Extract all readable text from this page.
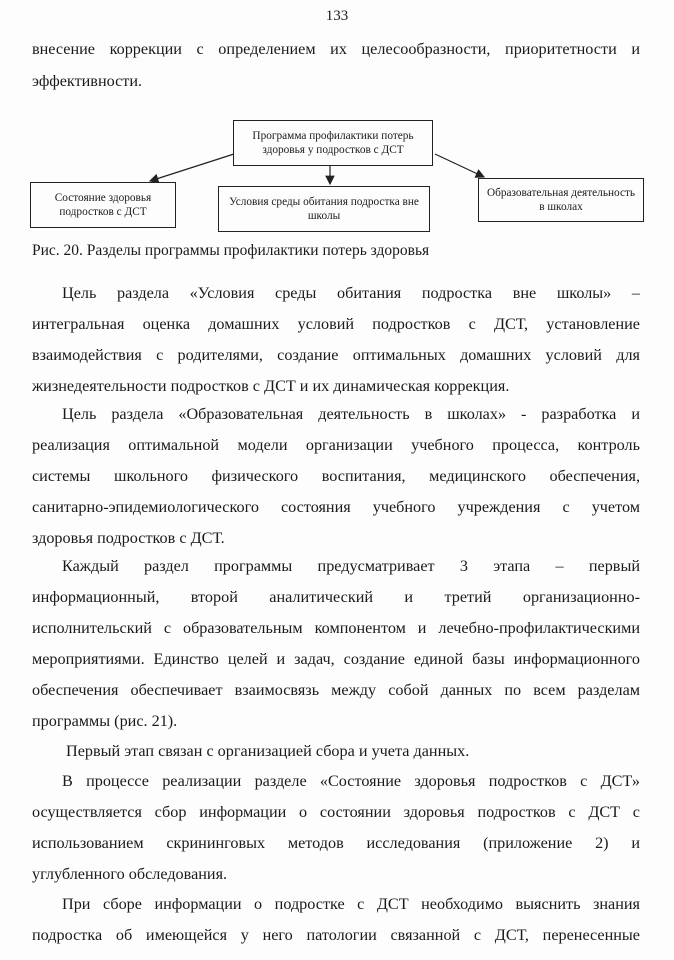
133
внесение коррекции с определением их целесообразности, приоритетности и
эффективности.
Программа профилактики потерь здоровья у подростков с ДСТ
Состояние здоровья подростков с ДСТ
Условия среды обитания подростка вне школы
Образовательная деятельность в школах
Рис. 20. Разделы программы профилактики потерь здоровья
Цель раздела «Условия среды обитания подростка вне школы» –
интегральная оценка домашних условий подростков с ДСТ, установление
взаимодействия с родителями, создание оптимальных домашних условий для
жизнедеятельности подростков с ДСТ и их динамическая коррекция.
Цель раздела «Образовательная деятельность в школах» - разработка и
реализация оптимальной модели организации учебного процесса, контроль
системы школьного физического воспитания, медицинского обеспечения,
санитарно-эпидемиологического состояния учебного учреждения с учетом
здоровья подростков с ДСТ.
Каждый раздел программы предусматривает 3 этапа – первый
информационный, второй аналитический и третий организационно-
исполнительский с образовательным компонентом и лечебно-профилактическими
мероприятиями. Единство целей и задач, создание единой базы информационного
обеспечения обеспечивает взаимосвязь между собой данных по всем разделам
программы (рис. 21).
Первый этап связан с организацией сбора и учета данных.
В процессе реализации разделе «Состояние здоровья подростков с ДСТ»
осуществляется сбор информации о состоянии здоровья подростков с ДСТ с
использованием скрининговых методов исследования (приложение 2) и
углубленного обследования.
При сборе информации о подростке с ДСТ необходимо выяснить знания
подростка об имеющейся у него патологии связанной с ДСТ, перенесенные
